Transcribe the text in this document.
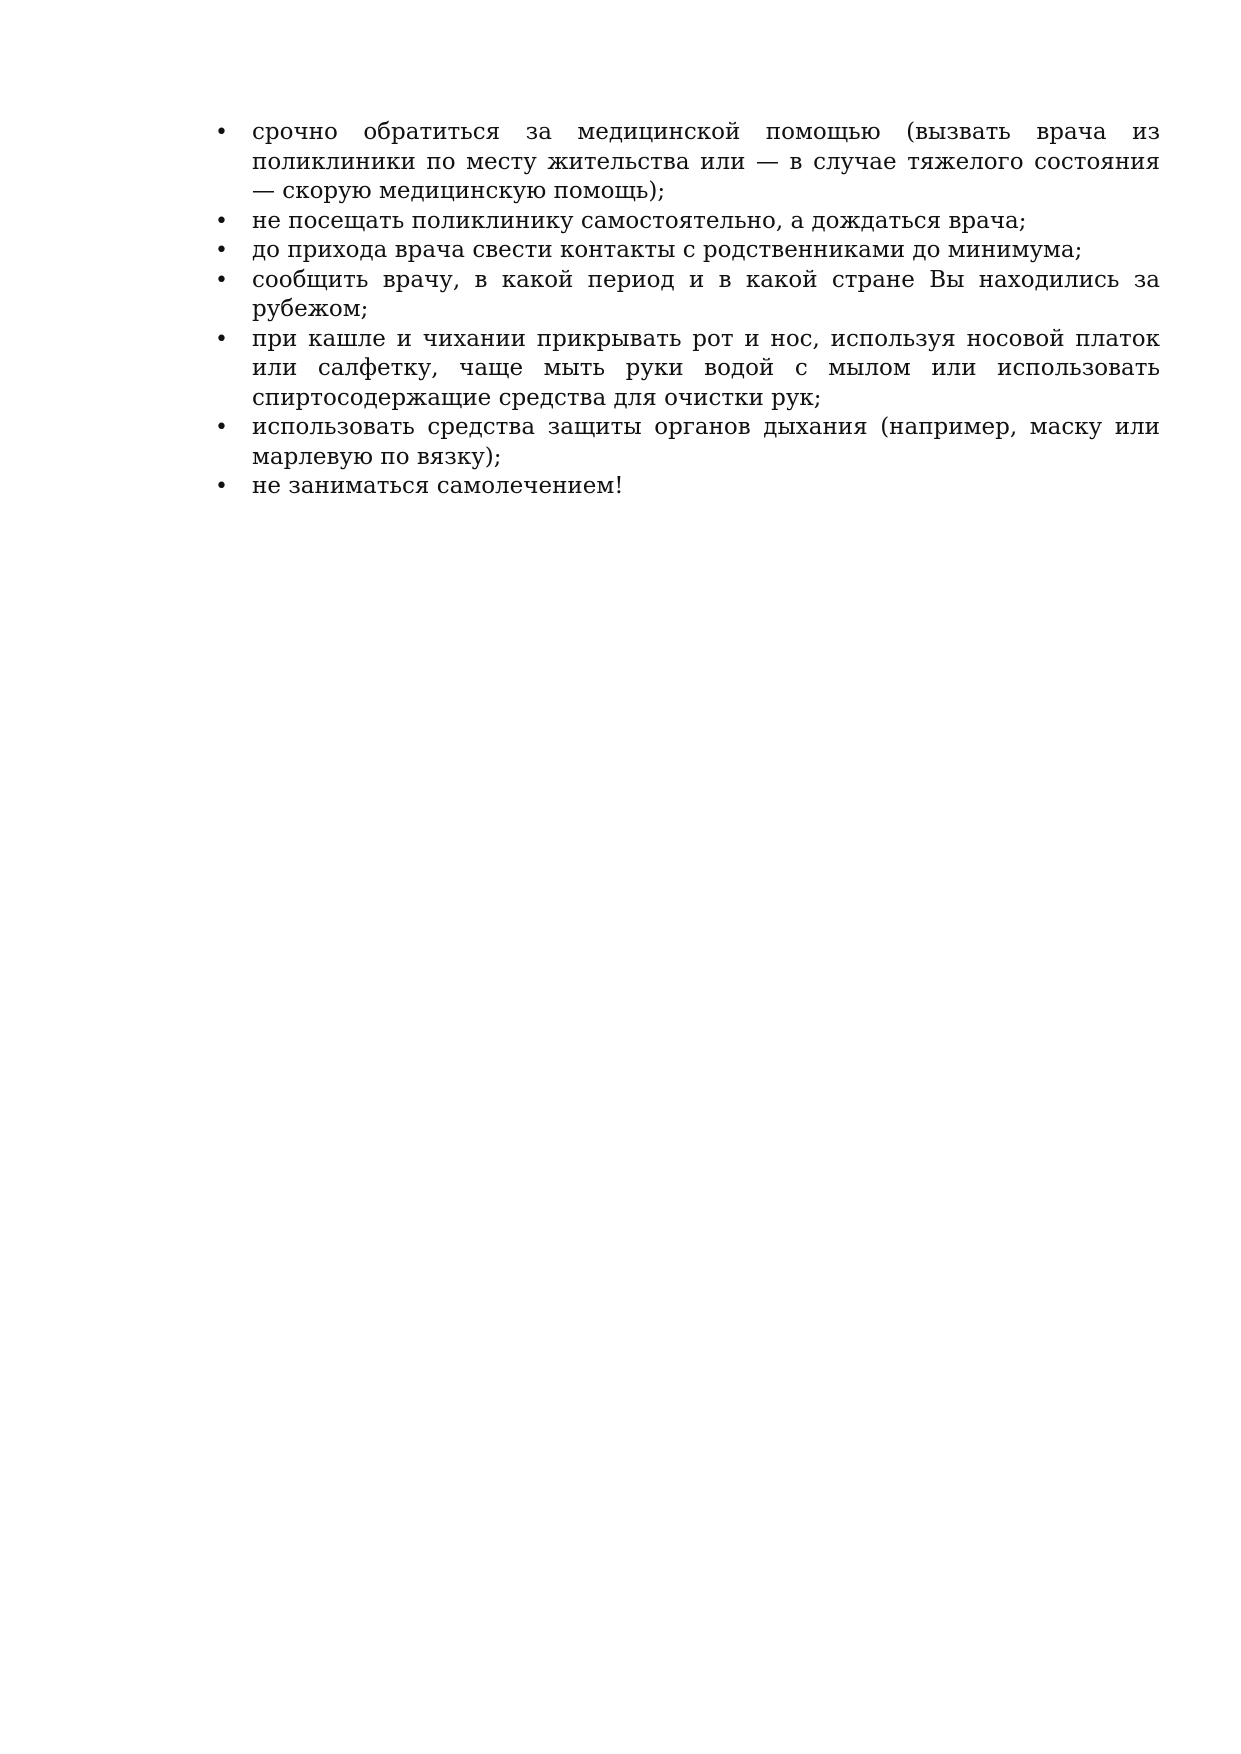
• срочно обратиться за медицинской помощью (вызвать врача из поликлиники по месту жительства или — в случае тяжелого состояния — скорую медицинскую помощь);
• не посещать поликлинику самостоятельно, а дождаться врача;
• до прихода врача свести контакты с родственниками до минимума;
• сообщить врачу, в какой период и в какой стране Вы находились за рубежом;
• при кашле и чихании прикрывать рот и нос, используя носовой платок или салфетку, чаще мыть руки водой с мылом или использовать спиртосодержащие средства для очистки рук;
• использовать средства защиты органов дыхания (например, маску или марлевую по вязку);
• не заниматься самолечением!
